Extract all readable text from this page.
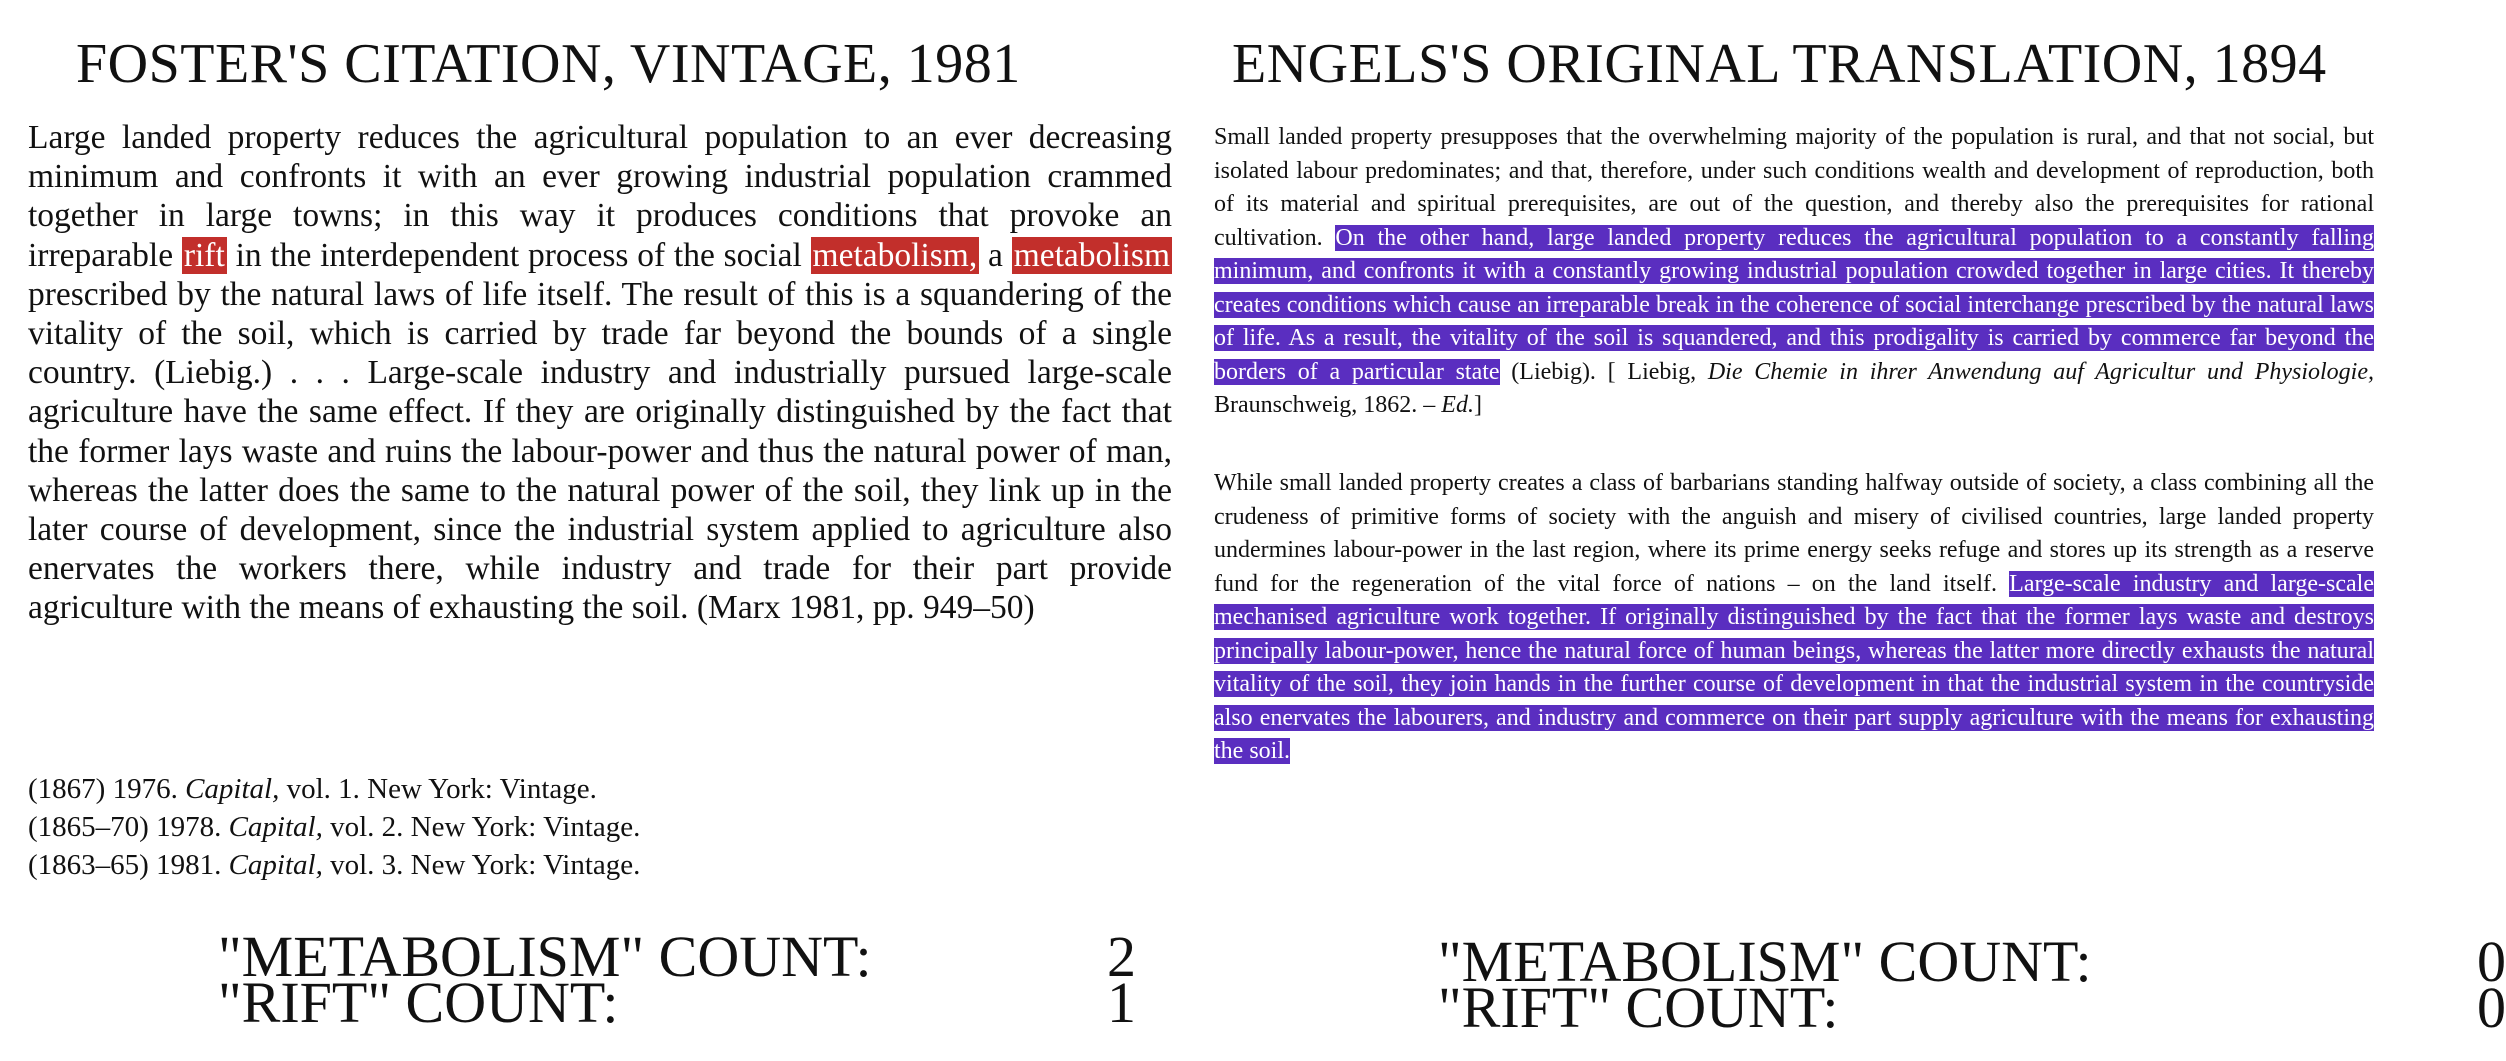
FOSTER'S CITATION, VINTAGE, 1981

Large landed property reduces the agricultural population to an ever decreasing minimum and confronts it with an ever growing industrial population crammed together in large towns; in this way it produces conditions that provoke an irreparable rift in the interdependent process of the social metabolism, a metabolism prescribed by the natural laws of life itself. The result of this is a squandering of the vitality of the soil, which is carried by trade far beyond the bounds of a single country. (Liebig.) . . . Large-scale industry and industrially pursued large-scale agriculture have the same effect. If they are originally distinguished by the fact that the former lays waste and ruins the labour-power and thus the natural power of man, whereas the latter does the same to the natural power of the soil, they link up in the later course of development, since the industrial system applied to agriculture also enervates the workers there, while industry and trade for their part provide agriculture with the means of exhausting the soil. (Marx 1981, pp. 949–50)

(1867) 1976. Capital, vol. 1. New York: Vintage.
(1865–70) 1978. Capital, vol. 2. New York: Vintage.
(1863–65) 1981. Capital, vol. 3. New York: Vintage.
"METABOLISM" COUNT:	2
"RIFT" COUNT:	1
ENGELS'S ORIGINAL TRANSLATION, 1894

Small landed property presupposes that the overwhelming majority of the population is rural, and that not social, but isolated labour predominates; and that, therefore, under such conditions wealth and development of reproduction, both of its material and spiritual prerequisites, are out of the question, and thereby also the prerequisites for rational cultivation. On the other hand, large landed property reduces the agricultural population to a constantly falling minimum, and confronts it with a constantly growing industrial population crowded together in large cities. It thereby creates conditions which cause an irreparable break in the coherence of social interchange prescribed by the natural laws of life. As a result, the vitality of the soil is squandered, and this prodigality is carried by commerce far beyond the borders of a particular state (Liebig). [ Liebig, Die Chemie in ihrer Anwendung auf Agricultur und Physiologie, Braunschweig, 1862. – Ed.]

While small landed property creates a class of barbarians standing halfway outside of society, a class combining all the crudeness of primitive forms of society with the anguish and misery of civilised countries, large landed property undermines labour-power in the last region, where its prime energy seeks refuge and stores up its strength as a reserve fund for the regeneration of the vital force of nations – on the land itself. Large-scale industry and large-scale mechanised agriculture work together. If originally distinguished by the fact that the former lays waste and destroys principally labour-power, hence the natural force of human beings, whereas the latter more directly exhausts the natural vitality of the soil, they join hands in the further course of development in that the industrial system in the countryside also enervates the labourers, and industry and commerce on their part supply agriculture with the means for exhausting the soil.

"METABOLISM" COUNT:	0
"RIFT" COUNT:	0
